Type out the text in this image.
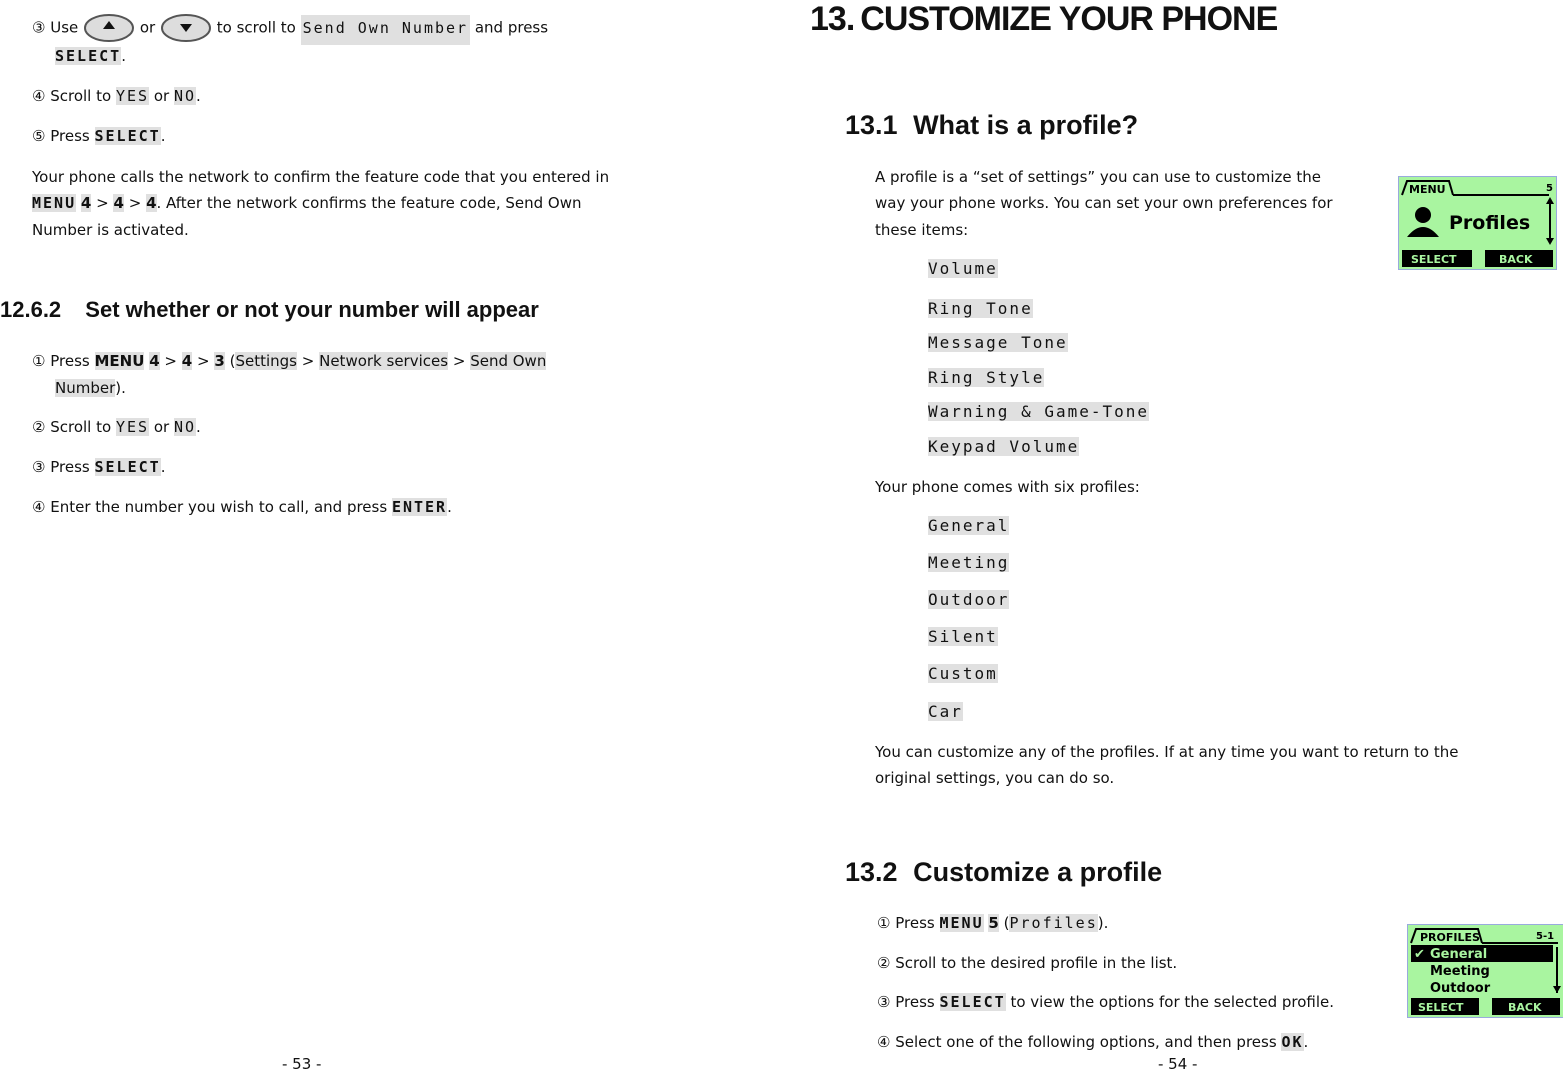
③ Use	or	to scroll to Send Own Number and press
SELECT.
④ Scroll to YES or NO.
⑤ Press SELECT.
Your phone calls the network to confirm the feature code that you entered in
MENU 4 > 4 > 4. After the network confirms the feature code, Send Own
Number is activated.
12.6.2 Set whether or not your number will appear
① Press MENU 4 > 4 > 3 (Settings > Network services > Send Own
Number).
② Scroll to YES or NO.
③ Press SELECT.
④ Enter the number you wish to call, and press ENTER.
- 53 -
13. CUSTOMIZE YOUR PHONE
13.1 What is a profile?
A profile is a “set of settings” you can use to customize the
way your phone works. You can set your own preferences for
these items:
MENU	5
Profiles
SELECT	BACK
Volume
Ring Tone
Message Tone
Ring Style
Warning & Game-Tone
Keypad Volume
Your phone comes with six profiles:
General
Meeting
Outdoor
Silent
Custom
Car
You can customize any of the profiles. If at any time you want to return to the
original settings, you can do so.
13.2 Customize a profile
① Press MENU 5 (Profiles).
② Scroll to the desired profile in the list.
③ Press SELECT to view the options for the selected profile.
④ Select one of the following options, and then press OK.
PROFILES	5-1
✔ General
Meeting
Outdoor
SELECT	BACK
- 54 -
